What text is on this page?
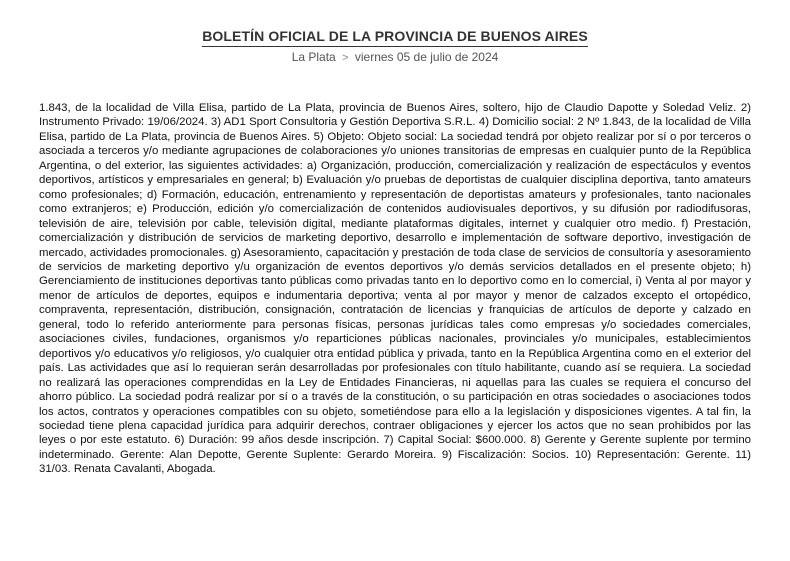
BOLETÍN OFICIAL DE LA PROVINCIA DE BUENOS AIRES
La Plata > viernes 05 de julio de 2024

1.843, de la localidad de Villa Elisa, partido de La Plata, provincia de Buenos Aires, soltero, hijo de Claudio Dapotte y Soledad Veliz. 2) Instrumento Privado: 19/06/2024. 3) AD1 Sport Consultoria y Gestión Deportiva S.R.L. 4) Domicilio social: 2 Nº 1.843, de la localidad de Villa Elisa, partido de La Plata, provincia de Buenos Aires. 5) Objeto: Objeto social: La sociedad tendrá por objeto realizar por sí o por terceros o asociada a terceros y/o mediante agrupaciones de colaboraciones y/o uniones transitorias de empresas en cualquier punto de la República Argentina, o del exterior, las siguientes actividades: a) Organización, producción, comercialización y realización de espectáculos y eventos deportivos, artísticos y empresariales en general; b) Evaluación y/o pruebas de deportistas de cualquier disciplina deportiva, tanto amateurs como profesionales; d) Formación, educación, entrenamiento y representación de deportistas amateurs y profesionales, tanto nacionales como extranjeros; e) Producción, edición y/o comercialización de contenidos audiovisuales deportivos, y su difusión por radiodifusoras, televisión de aire, televisión por cable, televisión digital, mediante plataformas digitales, internet y cualquier otro medio. f) Prestación, comercialización y distribución de servicios de marketing deportivo, desarrollo e implementación de software deportivo, investigación de mercado, actividades promocionales. g) Asesoramiento, capacitación y prestación de toda clase de servicios de consultoría y asesoramiento de servicios de marketing deportivo y/u organización de eventos deportivos y/o demás servicios detallados en el presente objeto; h) Gerenciamiento de instituciones deportivas tanto públicas como privadas tanto en lo deportivo como en lo comercial, i) Venta al por mayor y menor de artículos de deportes, equipos e indumentaria deportiva; venta al por mayor y menor de calzados excepto el ortopédico, compraventa, representación, distribución, consignación, contratación de licencias y franquicias de artículos de deporte y calzado en general, todo lo referido anteriormente para personas físicas, personas jurídicas tales como empresas y/o sociedades comerciales, asociaciones civiles, fundaciones, organismos y/o reparticiones públicas nacionales, provinciales y/o municipales, establecimientos deportivos y/o educativos y/o religiosos, y/o cualquier otra entidad pública y privada, tanto en la República Argentina como en el exterior del país. Las actividades que así lo requieran serán desarrolladas por profesionales con título habilitante, cuando así se requiera. La sociedad no realizará las operaciones comprendidas en la Ley de Entidades Financieras, ni aquellas para las cuales se requiera el concurso del ahorro público. La sociedad podrá realizar por sí o a través de la constitución, o su participación en otras sociedades o asociaciones todos los actos, contratos y operaciones compatibles con su objeto, sometiéndose para ello a la legislación y disposiciones vigentes. A tal fin, la sociedad tiene plena capacidad jurídica para adquirir derechos, contraer obligaciones y ejercer los actos que no sean prohibidos por las leyes o por este estatuto. 6) Duración: 99 años desde inscripción. 7) Capital Social: $600.000. 8) Gerente y Gerente suplente por termino indeterminado. Gerente: Alan Depotte, Gerente Suplente: Gerardo Moreira. 9) Fiscalización: Socios. 10) Representación: Gerente. 11) 31/03. Renata Cavalanti, Abogada.
